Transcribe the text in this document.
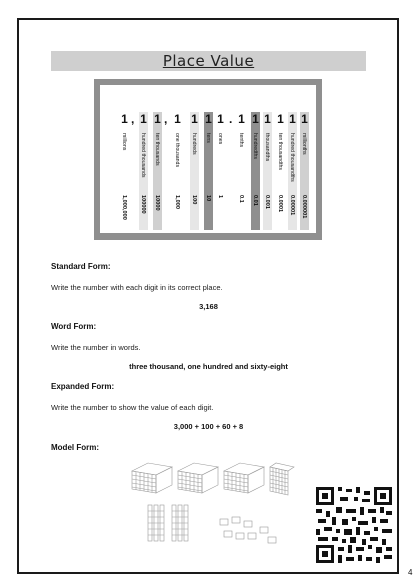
Place Value
millions
1,000,000
1
hundred thousands
100000
1
ten thousands
10000
1
one thousands
1,000
1
hundreds
100
1
tens
10
1
ones
1
1
tenths
0.1
1
hundredths
0.01
1
thousandths
0.001
1
ten thousandths
0.0001
1
hundred thousandths
0.00001
1
millionths
0.000001
1
, ,	.
Standard Form:
Write the number with each digit in its correct place.
3,168
Word Form:
Write the number in words.
three thousand, one hundred and sixty-eight
Expanded Form:
Write the number to show the value of each digit.
3,000 + 100 + 60 + 8
Model Form:
4
